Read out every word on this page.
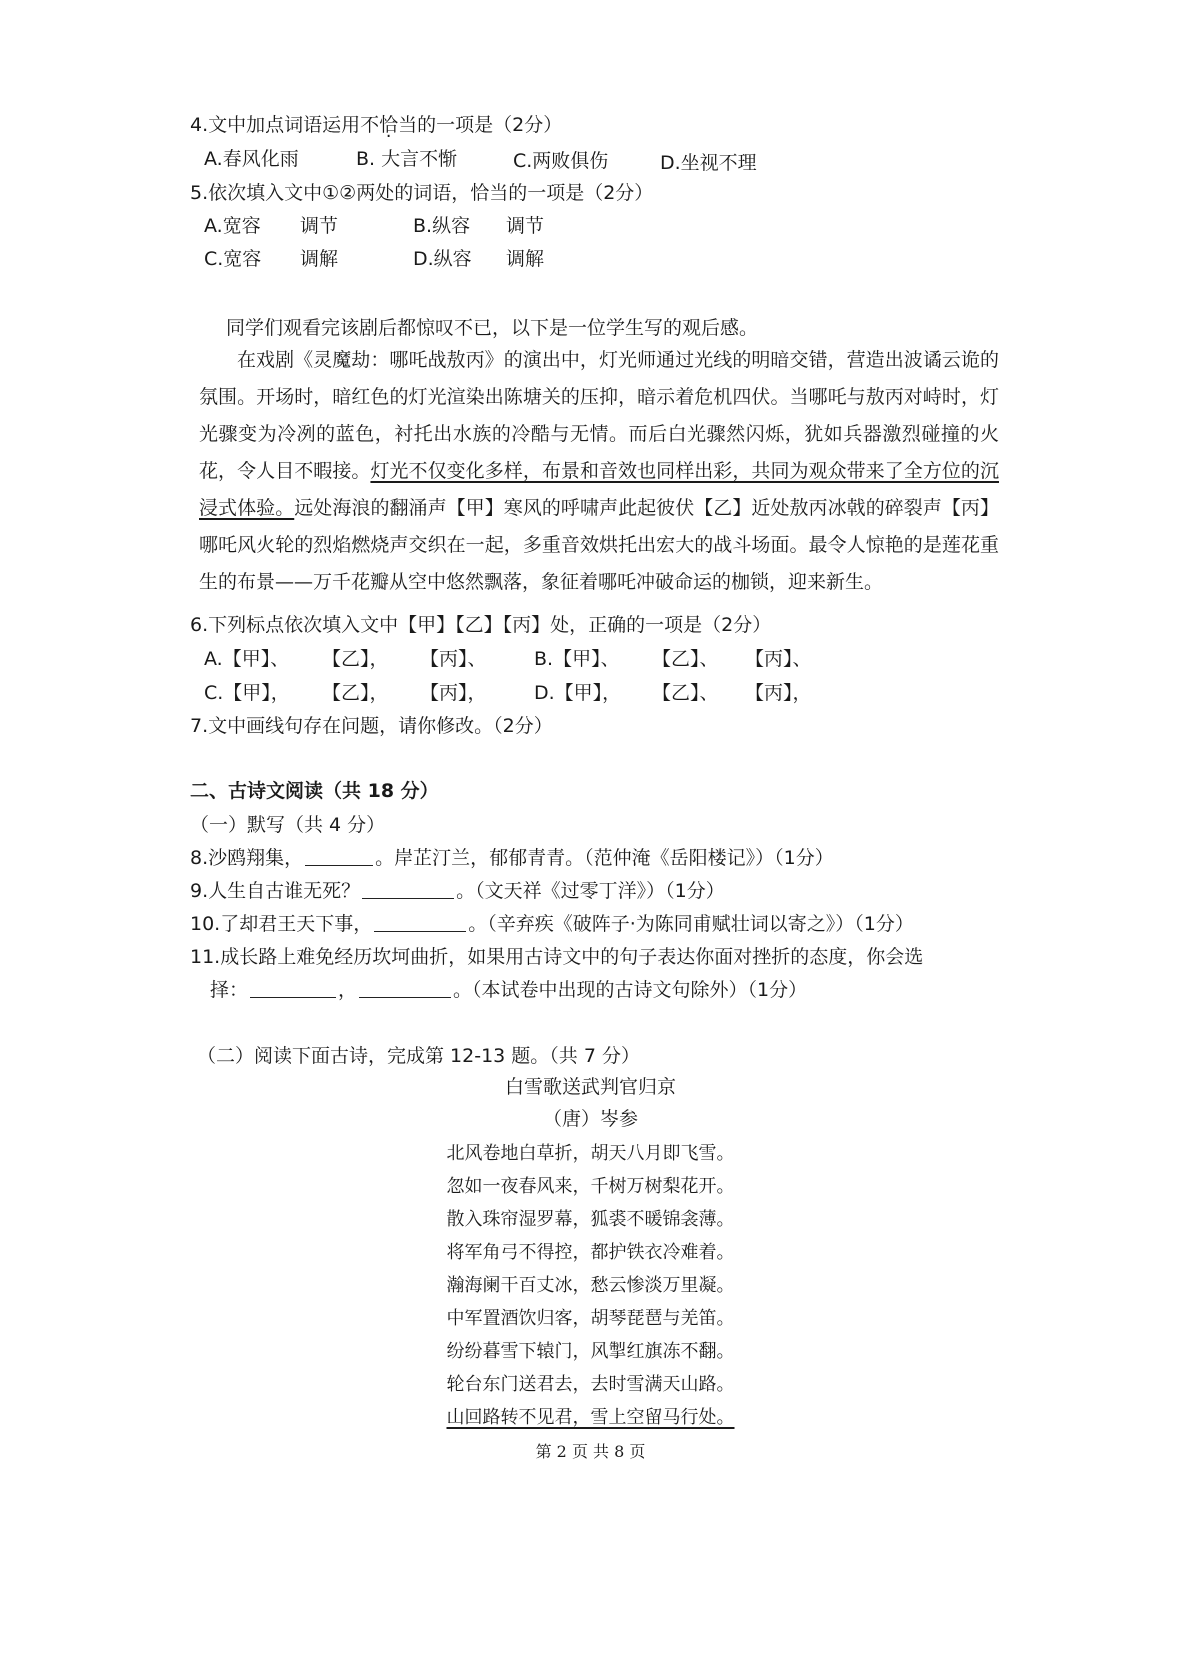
4.文中加点词语运用不恰当的一项是（2分）
A.春风化雨	B. 大言不惭	C.两败俱伤	D.坐视不理
5.依次填入文中①②两处的词语，恰当的一项是（2分）
A.宽容 调节	B.纵容 调节
C.宽容 调解	D.纵容 调解
同学们观看完该剧后都惊叹不已，以下是一位学生写的观后感。

在戏剧《灵魔劫：哪吒战敖丙》的演出中，灯光师通过光线的明暗交错，营造出波谲云诡的氛围。开场时，暗红色的灯光渲染出陈塘关的压抑，暗示着危机四伏。当哪吒与敖丙对峙时，灯光骤变为冷冽的蓝色，衬托出水族的冷酷与无情。而后白光骤然闪烁，犹如兵器激烈碰撞的火花，令人目不暇接。灯光不仅变化多样，布景和音效也同样出彩，共同为观众带来了全方位的沉浸式体验。远处海浪的翻涌声【甲】寒风的呼啸声此起彼伏【乙】近处敖丙冰戟的碎裂声【丙】哪吒风火轮的烈焰燃烧声交织在一起，多重音效烘托出宏大的战斗场面。最令人惊艳的是莲花重生的布景——万千花瓣从空中悠然飘落，象征着哪吒冲破命运的枷锁，迎来新生。

6.下列标点依次填入文中【甲】【乙】【丙】处，正确的一项是（2分）
A.【甲】、 【乙】， 【丙】、 B.【甲】、 【乙】、 【丙】、
C.【甲】， 【乙】， 【丙】， D.【甲】， 【乙】、 【丙】，
7.文中画线句存在问题，请你修改。（2分）
二、古诗文阅读（共 18 分）
（一）默写（共 4 分）
8.沙鸥翔集，	。岸芷汀兰，郁郁青青。（范仲淹《岳阳楼记》）（1分）
9.人生自古谁无死？	。（文天祥《过零丁洋》）（1分）
10.了却君王天下事，	。（辛弃疾《破阵子·为陈同甫赋壮词以寄之》）（1分）
11.成长路上难免经历坎坷曲折，如果用古诗文中的句子表达你面对挫折的态度，你会选
择：	，	。（本试卷中出现的古诗文句除外）（1分）
（二）阅读下面古诗，完成第 12-13 题。（共 7 分）
白雪歌送武判官归京
（唐）岑参
北风卷地白草折，胡天八月即飞雪。
忽如一夜春风来，千树万树梨花开。
散入珠帘湿罗幕，狐裘不暖锦衾薄。
将军角弓不得控，都护铁衣冷难着。
瀚海阑干百丈冰，愁云惨淡万里凝。
中军置酒饮归客，胡琴琵琶与羌笛。
纷纷暮雪下辕门，风掣红旗冻不翻。
轮台东门送君去，去时雪满天山路。
山回路转不见君，雪上空留马行处。
第 2 页 共 8 页
